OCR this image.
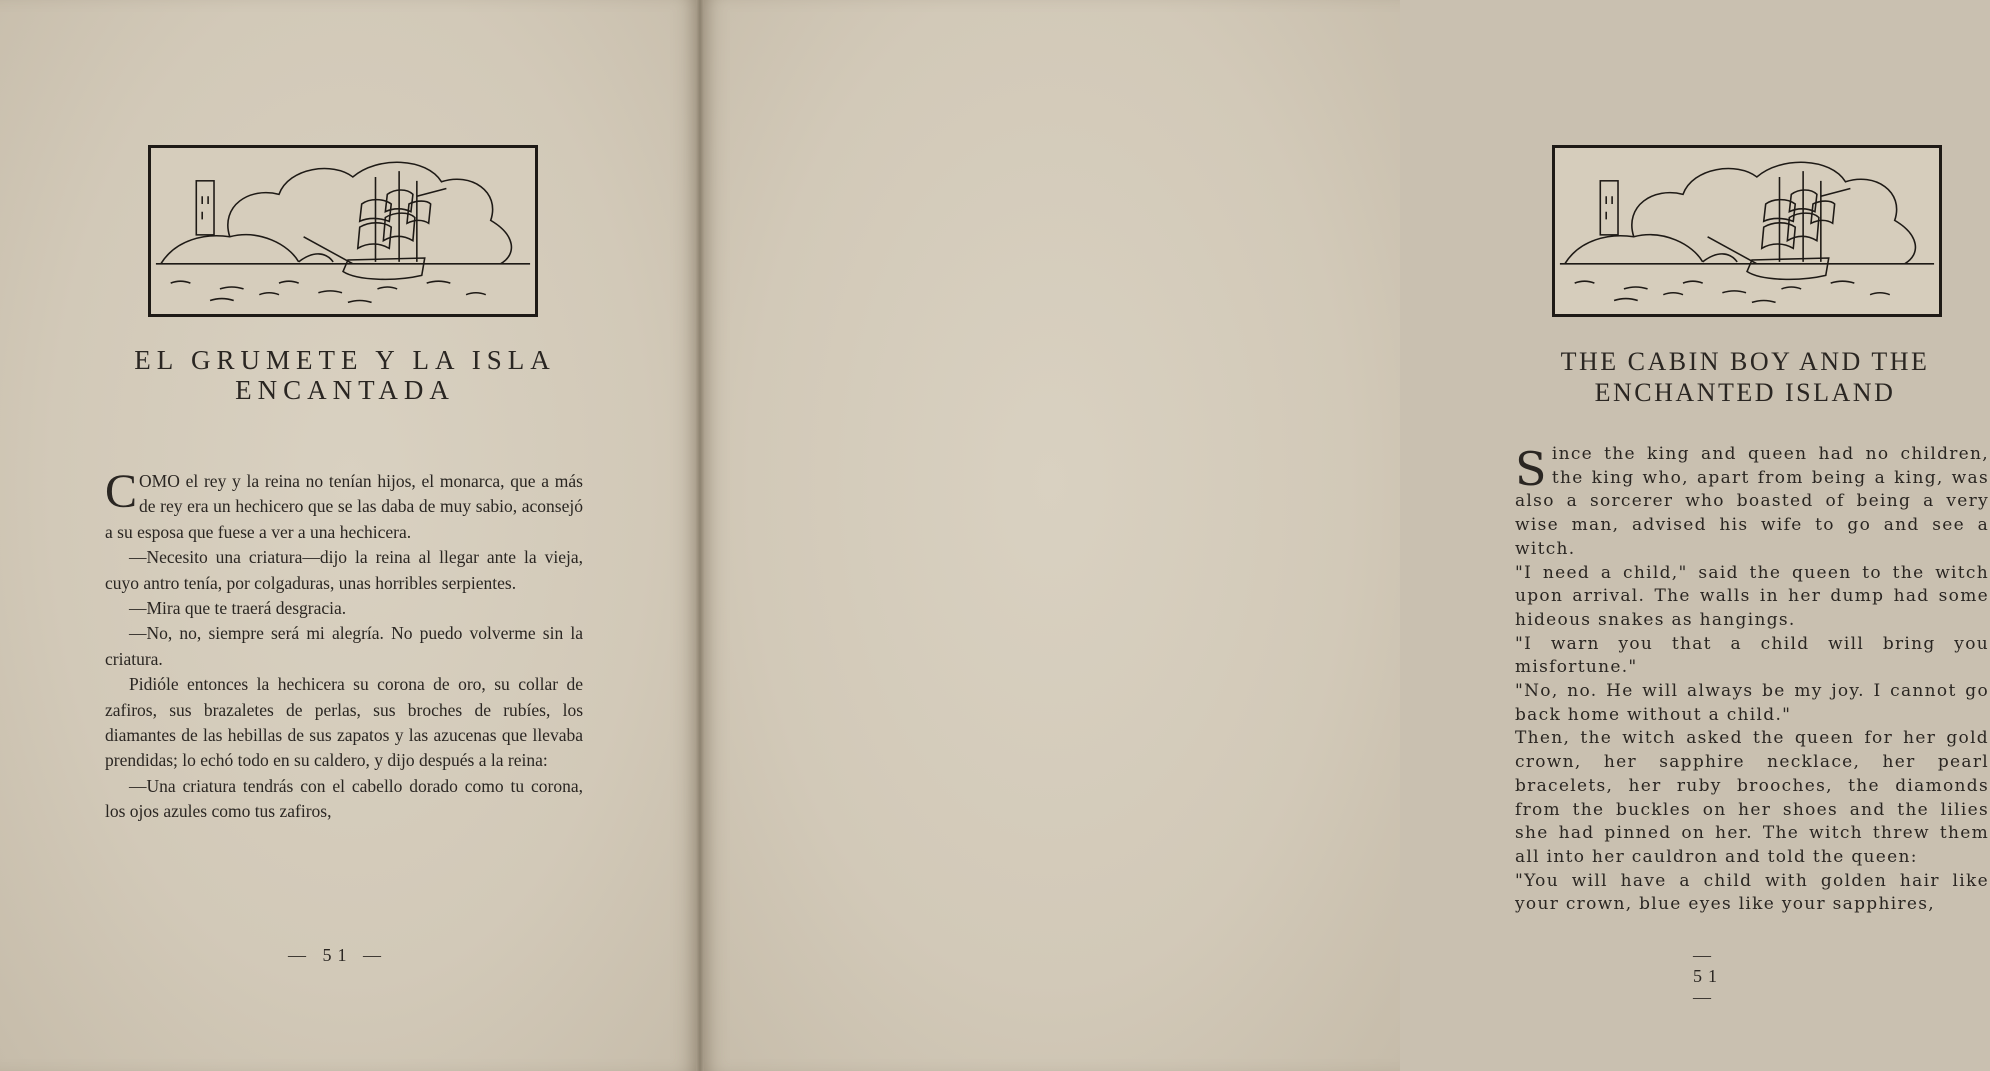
EL GRUMETE Y LA ISLA
ENCANTADA

COMO el rey y la reina no tenían hijos, el monarca, que a más de rey era un hechicero que se las daba de muy sabio, aconsejó a su esposa que fuese a ver a una hechicera.

—Necesito una criatura—dijo la reina al llegar ante la vieja, cuyo antro tenía, por colgaduras, unas horribles serpientes.

—Mira que te traerá desgracia.

—No, no, siempre será mi alegría. No puedo volverme sin la criatura.

Pidióle entonces la hechicera su corona de oro, su collar de zafiros, sus brazaletes de perlas, sus broches de rubíes, los diamantes de las hebillas de sus zapatos y las azucenas que llevaba prendidas; lo echó todo en su caldero, y dijo después a la reina:

—Una criatura tendrás con el cabello dorado como tu corona, los ojos azules como tus zafiros,

— 51 —
THE CABIN BOY AND THE
ENCHANTED ISLAND

Since the king and queen had no children, the king who, apart from being a king, was also a sorcerer who boasted of being a very wise man, advised his wife to go and see a witch.

"I need a child," said the queen to the witch upon arrival. The walls in her dump had some hideous snakes as hangings.

"I warn you that a child will bring you misfortune."

"No, no. He will always be my joy. I cannot go back home without a child."

Then, the witch asked the queen for her gold crown, her sapphire necklace, her pearl bracelets, her ruby brooches, the diamonds from the buckles on her shoes and the lilies she had pinned on her. The witch threw them all into her cauldron and told the queen:

"You will have a child with golden hair like your crown, blue eyes like your sapphires,

— 51 —
